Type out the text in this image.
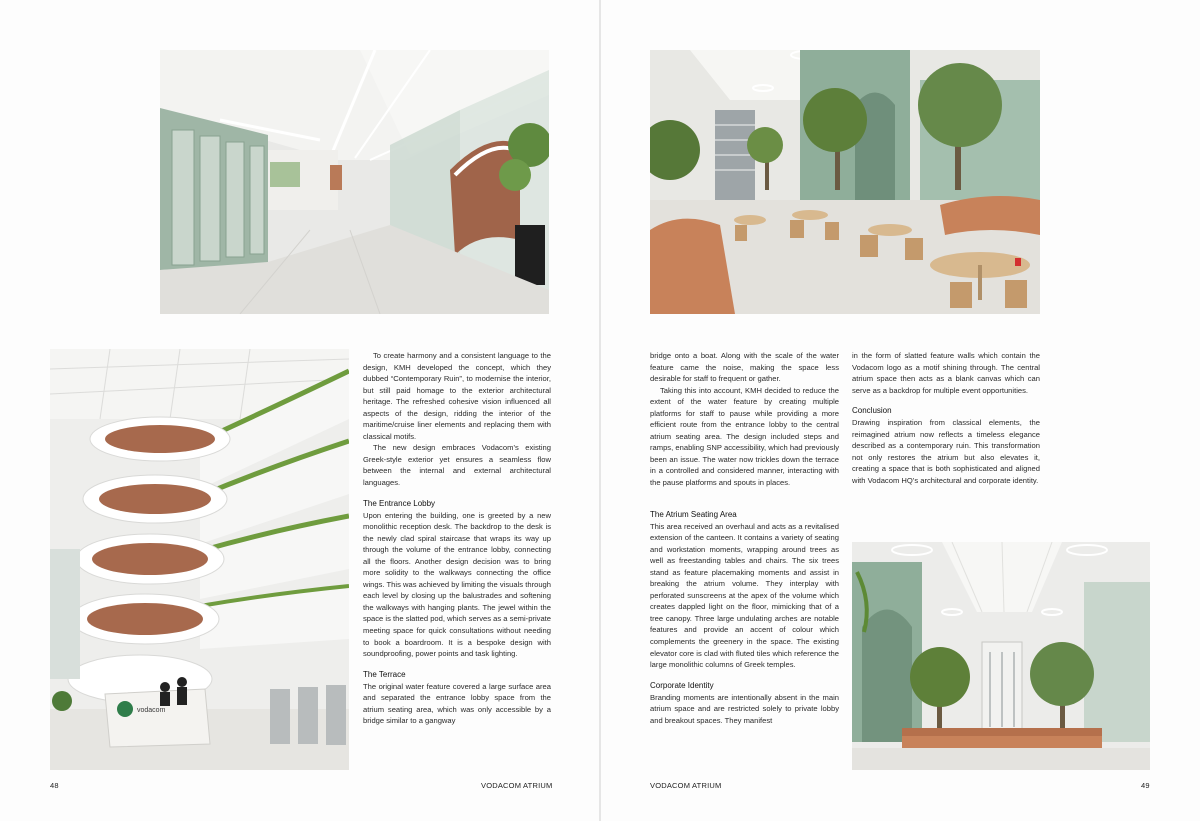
vodacom

To create harmony and a consistent language to the design, KMH developed the concept, which they dubbed “Contemporary Ruin”, to modernise the interior, but still paid homage to the exterior architectural heritage. The refreshed cohesive vision influenced all aspects of the design, ridding the interior of the maritime/cruise liner elements and replacing them with classical motifs.

The new design embraces Vodacom’s existing Greek-style exterior yet ensures a seamless flow between the internal and external architectural languages.

The Entrance Lobby

Upon entering the building, one is greeted by a new monolithic reception desk. The backdrop to the desk is the newly clad spiral staircase that wraps its way up through the volume of the entrance lobby, connecting all the floors. Another design decision was to bring more solidity to the walkways connecting the office wings. This was achieved by limiting the visuals through each level by closing up the balustrades and softening the walkways with hanging plants. The jewel within the space is the slatted pod, which serves as a semi-private meeting space for quick consultations without needing to book a boardroom. It is a bespoke design with soundproofing, power points and task lighting.

The Terrace

The original water feature covered a large surface area and separated the entrance lobby space from the atrium seating area, which was only accessible by a bridge similar to a gangway

48	VODACOM ATRIUM

bridge onto a boat. Along with the scale of the water feature came the noise, making the space less desirable for staff to frequent or gather.

Taking this into account, KMH decided to reduce the extent of the water feature by creating multiple platforms for staff to pause while providing a more efficient route from the entrance lobby to the central atrium seating area. The design included steps and ramps, enabling SNP accessibility, which had previously been an issue. The water now trickles down the terrace in a controlled and considered manner, interacting with the pause platforms and spouts in places.

The Atrium Seating Area

This area received an overhaul and acts as a revitalised extension of the canteen. It contains a variety of seating and workstation moments, wrapping around trees as well as freestanding tables and chairs. The six trees stand as feature placemaking moments and assist in breaking the atrium volume. They interplay with perforated sunscreens at the apex of the volume which creates dappled light on the floor, mimicking that of a tree canopy. Three large undulating arches are notable features and provide an accent of colour which complements the greenery in the space. The existing elevator core is clad with fluted tiles which reference the large monolithic columns of Greek temples.

Corporate Identity

Branding moments are intentionally absent in the main atrium space and are restricted solely to private lobby and breakout spaces. They manifest

in the form of slatted feature walls which contain the Vodacom logo as a motif shining through. The central atrium space then acts as a blank canvas which can serve as a backdrop for multiple event opportunities.

Conclusion

Drawing inspiration from classical elements, the reimagined atrium now reflects a timeless elegance described as a contemporary ruin. This transformation not only restores the atrium but also elevates it, creating a space that is both sophisticated and aligned with Vodacom HQ’s architectural and corporate identity.

VODACOM ATRIUM	49
